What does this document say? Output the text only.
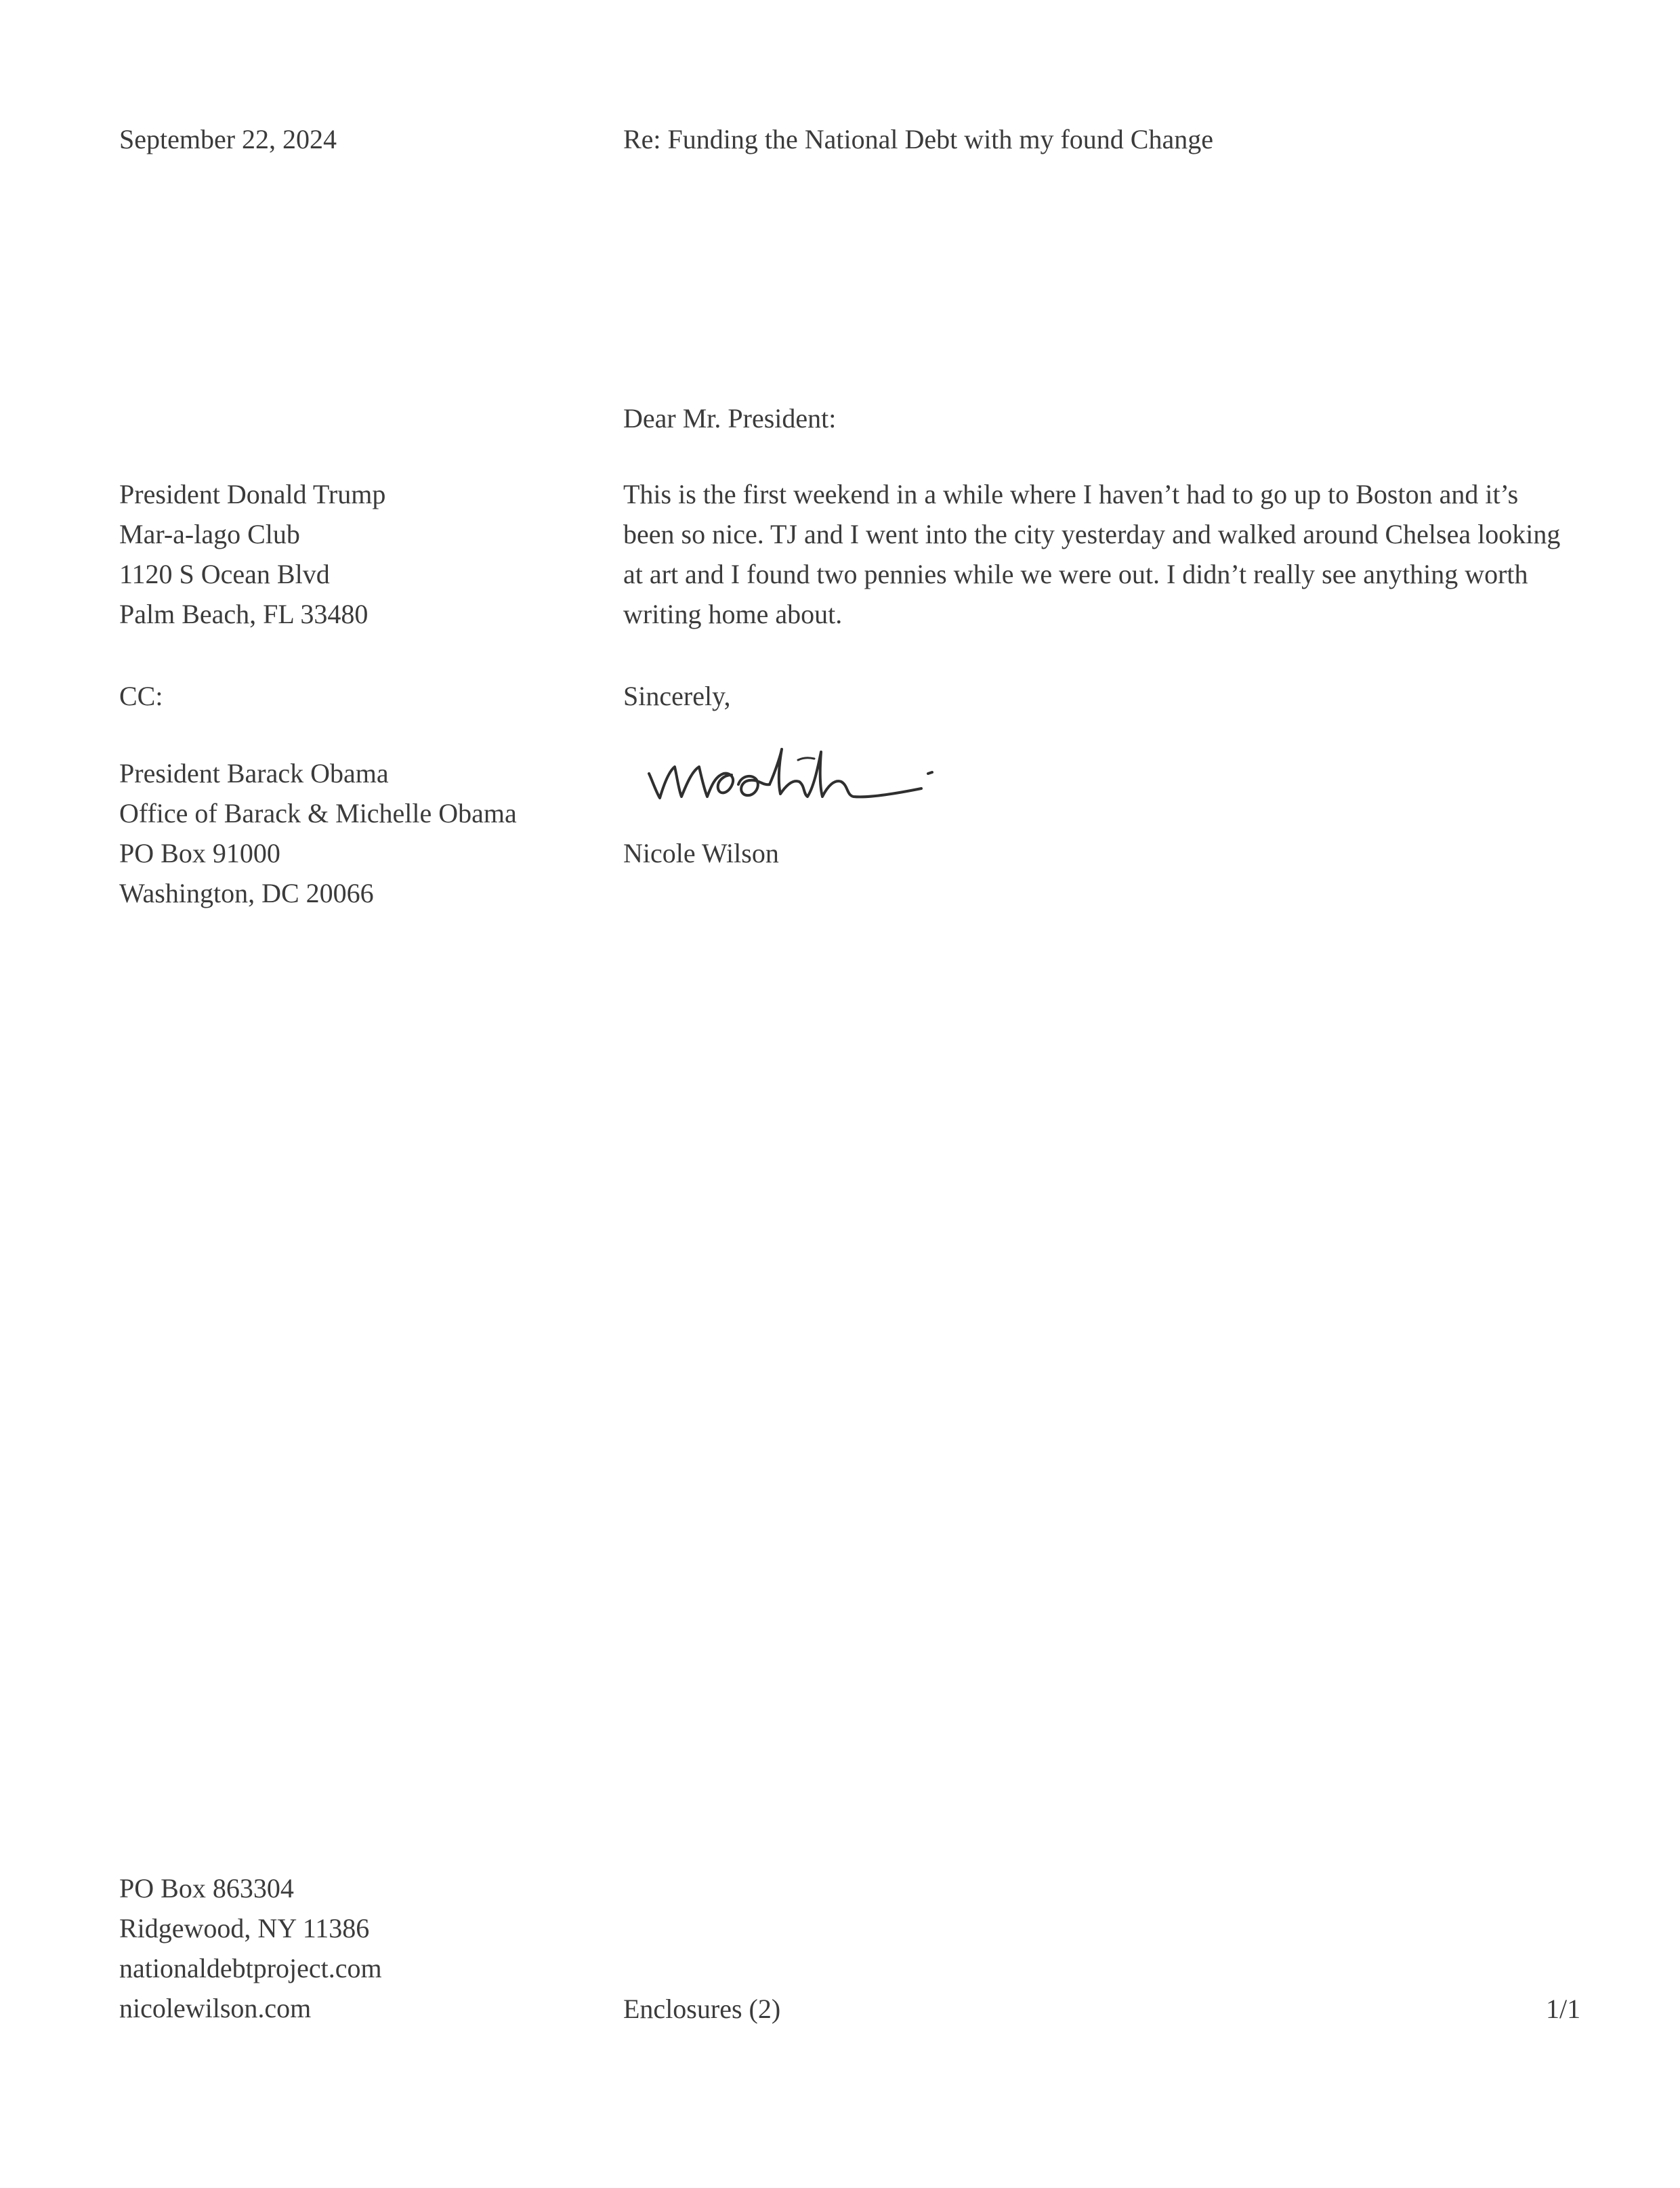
September 22, 2024	Re: Funding the National Debt with my found Change
Dear Mr. President:
President Donald Trump
Mar-a-lago Club
1120 S Ocean Blvd
Palm Beach, FL 33480
This is the first weekend in a while where I haven’t had to go up to Boston and it’s been so nice. TJ and I went into the city yesterday and walked around Chelsea looking at art and I found two pennies while we were out. I didn’t really see anything worth writing home about.
CC:	Sincerely,
President Barack Obama
Office of Barack & Michelle Obama
PO Box 91000
Washington, DC 20066
Nicole Wilson
PO Box 863304
Ridgewood, NY 11386
nationaldebtproject.com
nicolewilson.com	Enclosures (2)	1/1
